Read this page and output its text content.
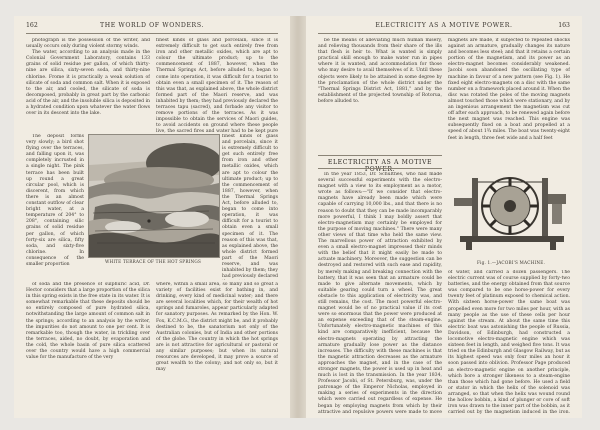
162	THE WORLD OF WONDERS.

photograph is the possession of the writer, and usually occurs only during violent stormy winds.

The water, according to an analysis made in the Colonial Government Laboratory, contains 133 grains of solid residue per gallon, of which thirty-nine are silica, sixty-seven soda, and thirty-nine chlorine. Frome it is practically a weak solution of silicate of soda and common salt. When it is exposed to the air, and cooled, the silicate of soda is decomposed, probably in great part by the carbonic acid of the air, and the insoluble silica is deposited in a hydrated condition upon whatever the water flows over in its descent into the lake.

The deposit forms very slowly; a bird shot flying over the terraces, and falling upon it, was completely incrusted in a single night. The pink terrace has been built up round a great circular pool, which is discerent, from which there is an almost constant outflow of clear bright water, at a temperature of 204° to 208°, containing silic grains of solid residue per gallon, of which forty-six are silica, fifty soda, and sixty-five chlorine. In consequence of the smaller proportion

of soda and the presence of sulphuric acid, Dr. Hector considers that a large proportion of the silica in this spring exists in the free state in its water. It is somewhat remarkable that these deposits should be so entirely composed of pure hydrated silica, notwithstanding the large amount of common salt in the springs; according to an analysis by the writer, the impurities do not amount to one per cent. It is remarkable too, though the water, in trickling over the terraces, aided, no doubt, by evaporation and the cold, the whole basin of pure silica scattered over the country would have a high commercial value for the manufacture of the very

finest kinds of glass and porcelain, since it is extremely difficult to get such entirely free from iron and other metallic oxides, which are apt to colour the ultimate product; up to the commencement of 1887, however, when the Thermal Springs Act, before alluded to, began to come into operation, it was difficult for a tourist to obtain even a small specimen of it. The reason of this was that, as explained above, the whole district formed part of the Maori reserve, and was inhabited by them; they had previously declared the terraces tapu (sacred), and forbade any visitor to remove portions of the terraces. As it was impossible to obtain the services of Maori guides, to avoid accidents on ground where these people live, the sacred fires and water had to be kept pure

finest kinds of glass and porcelain, since it is extremely difficult to get such entirely free from iron and other metallic oxides, which are apt to colour the ultimate product; up to the commencement of 1887, however, when the Thermal Springs Act, before alluded to, began to come into operation, it was difficult for a tourist to obtain even a small specimen of it. The reason of this was that, as explained above, the whole district formed part of the Maori reserve, and was inhabited by them; they had previously declared

where, within a small area, so many and so great a variety of facilities exist for bathing in, and drinking, every kind of medicinal water; and there are several localities which, for their wealth of hot springs and fumaroles, appear particularly adapted for sanatory purposes. As remarked by the Hon. W. Fox, K.C.M.G., the district might be, and it probably destined to be, the sanatorium not only of the Australian colonies, but of India and other portions of the globe. The country in which the hot springs are is not attractive for agricultural or pastoral or any similar purposes; but when its natural resources are developed, it may prove a source of great wealth to the colony; and not only so, but it may

WHITE TERRACE OF THE HOT SPRINGS
ELECTRICITY AS A MOTIVE POWER.	163

be the means of alleviating much human misery, and relieving thousands from their share of the ills that flesh is heir to. What is wanted is simply practical skill enough to make water run in pipes where it is wanted, and accommodation for those who may desire to avail themselves of it. Until these objects were likely to be attained in some degree by the proclamation of the whole district under the "Thermal Springs District Act, 1881," and by the establishment of the projected township of Rotorua, before alluded to.

ELECTRICITY AS A MOTIVE POWER.

In the year 1853, Dr. Schulthes, who had made several successful experiments with the electro-magnet with a view to its employment as a motor, wrote as follows:—"If we consider that electro-magnets have already been made which were capable of carrying 10,000 lbs., and that there is no reason to doubt that they can be made incomparably more powerful, I think I may boldly assert that electro-magnetism may certainly be employed for the purpose of moving machines." There were many other views of that time who held the same view. The marvellous power of attraction exhibited by even a small electro-magnet impressed their minds with the belief that it might easily be made to actuate machinery. Moreover, the suggestion can be destroyed and restored with such ease and rapidity, by merely making and breaking connection with the battery, that it was seen that an armature could be made to give alternate movements, which by suitable gearing could turn a wheel. The great obstacle to this application of electricity was, and still remains, the cost. The most powerful electro-magnet would be of no practical value if its cost were so enormous that the power were produced at an expense exceeding that of the steam-engine. Unfortunately electro-magnetic machines of this kind are comparatively inefficient, because the electro-magnets operating by attracting the armature gradually lose power as the distance increases. The difficulty with these machines is that the magnetic attraction decreases as the armature approaches the magnet, and in the case of the stronger magnets, the power is used up in heat and much is lost in the transmission. In the year 1834, Professor Jacobi, of St. Petersburg, was, under the patronage of the Emperor Nicholas, employed in making a series of experiments in the direction which were carried out regardless of expense. He began by employing magnets from which by their attractive and repulsive powers were made to move

magnets are made, if subjected to repeated shocks against an armature, gradually changes its nature and becomes less steel; and that it retains a certain portion of the magnetism, and its power as an electro-magnet becomes considerably weakened. Jacobi soon abandoned the oscillating type of machine in favour of a new pattern (see Fig. 1). He fixed eight electro-magnets on a disc with the same number on a framework placed around it. When the disc was rotated the poles of the moving magnets almost touched those which were stationary, and by an ingenious arrangement the magnetism was cut off after each approach, to be renewed again before the next magnet was reached. This engine was subsequently fixed on a boat and propelled at a speed of about 1¾ miles. The boat was twenty-eight feet in length, three feet wide and a half feet

Fig. 1.—JACOBI'S MACHINE.

of water, and carried a dozen passengers. The electric current was of course supplied by forty-two batteries, and the energy obtained from that source was compared to be one horse-power for every twenty feet of platinum exposed to chemical action. With sixteen horse-power the same boat was propelled even more for two miles per hour, with as many people as the use of these cells per hour against the stream. At about the same time this electric boat was astonishing the people of Russia, Davidson, of Edinburgh, had constructed a locomotive electro-magnetic engine which was sixteen feet in length, and weighed five tons. It was tried on the Edinburgh and Glasgow Railway, but as its highest speed was only four miles an hour it soon passed into oblivion. Professor Page produced an electro-magnetic engine on another principle, which bore a stronger likeness to a steam-engine than those which had gone before. He used a field or stator in which the helix of the solenoid was arranged, so that when the helix was wound round the hollow bobbin, a kind of plunger or core of soft iron was drawn to the inner part of the bobbin, as it carried out by the magnetism induced in the iron.
